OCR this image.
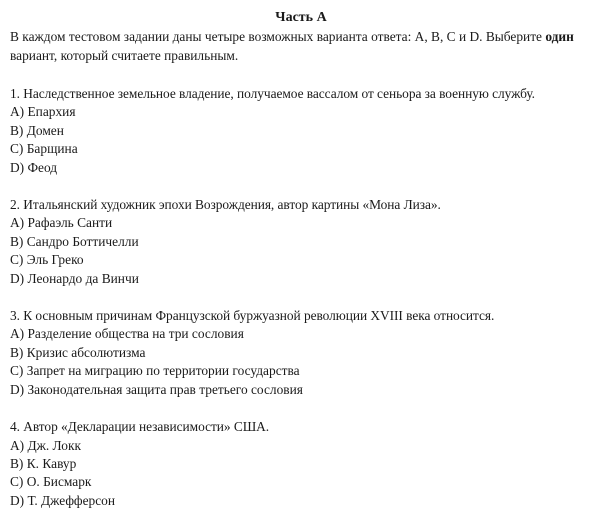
Часть А

В каждом тестовом задании даны четыре возможных варианта ответа: A, B, C и D. Выберите один вариант, который считаете правильным.

1. Наследственное земельное владение, получаемое вассалом от сеньора за военную службу.

A) Епархия

B) Домен

C) Барщина

D) Феод

2. Итальянский художник эпохи Возрождения, автор картины «Мона Лиза».

A) Рафаэль Санти

B) Сандро Боттичелли

C) Эль Греко

D) Леонардо да Винчи

3. К основным причинам Французской буржуазной революции XVIII века относится.

A) Разделение общества на три сословия

B) Кризис абсолютизма

C) Запрет на миграцию по территории государства

D) Законодательная защита прав третьего сословия

4. Автор «Декларации независимости» США.

A) Дж. Локк

B) К. Кавур

C) О. Бисмарк

D) Т. Джефферсон
